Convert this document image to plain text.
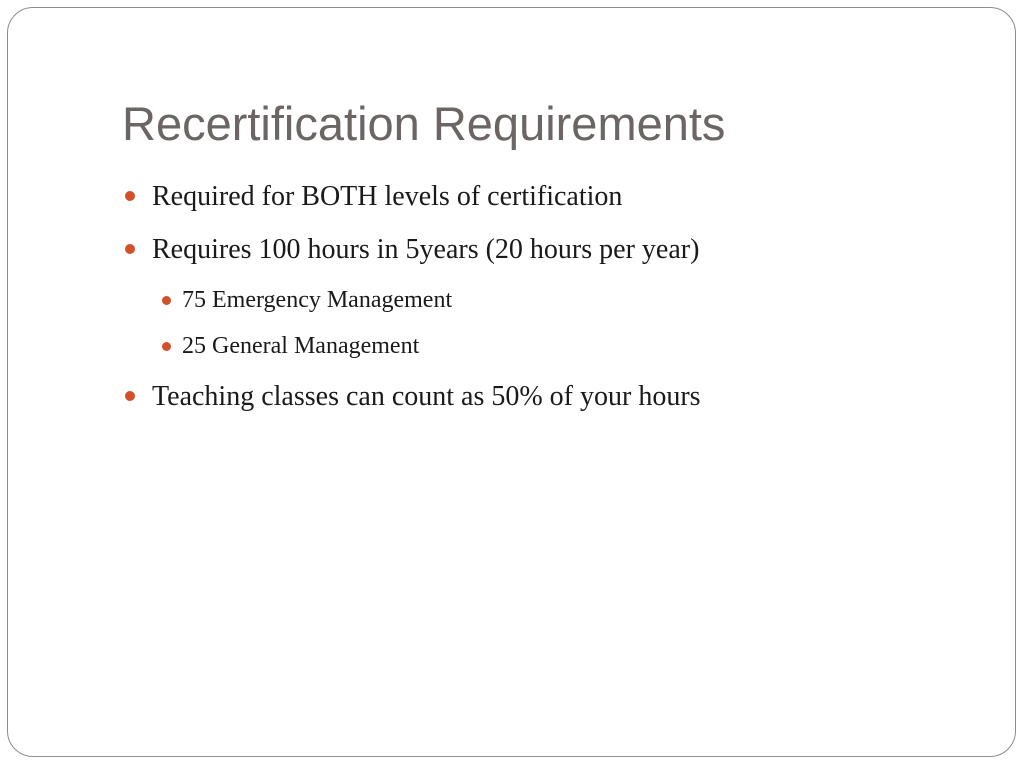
Recertification Requirements
Required for BOTH levels of certification
Requires 100 hours in 5years (20 hours per year)
75 Emergency Management
25 General Management
Teaching classes can count as 50% of your hours
